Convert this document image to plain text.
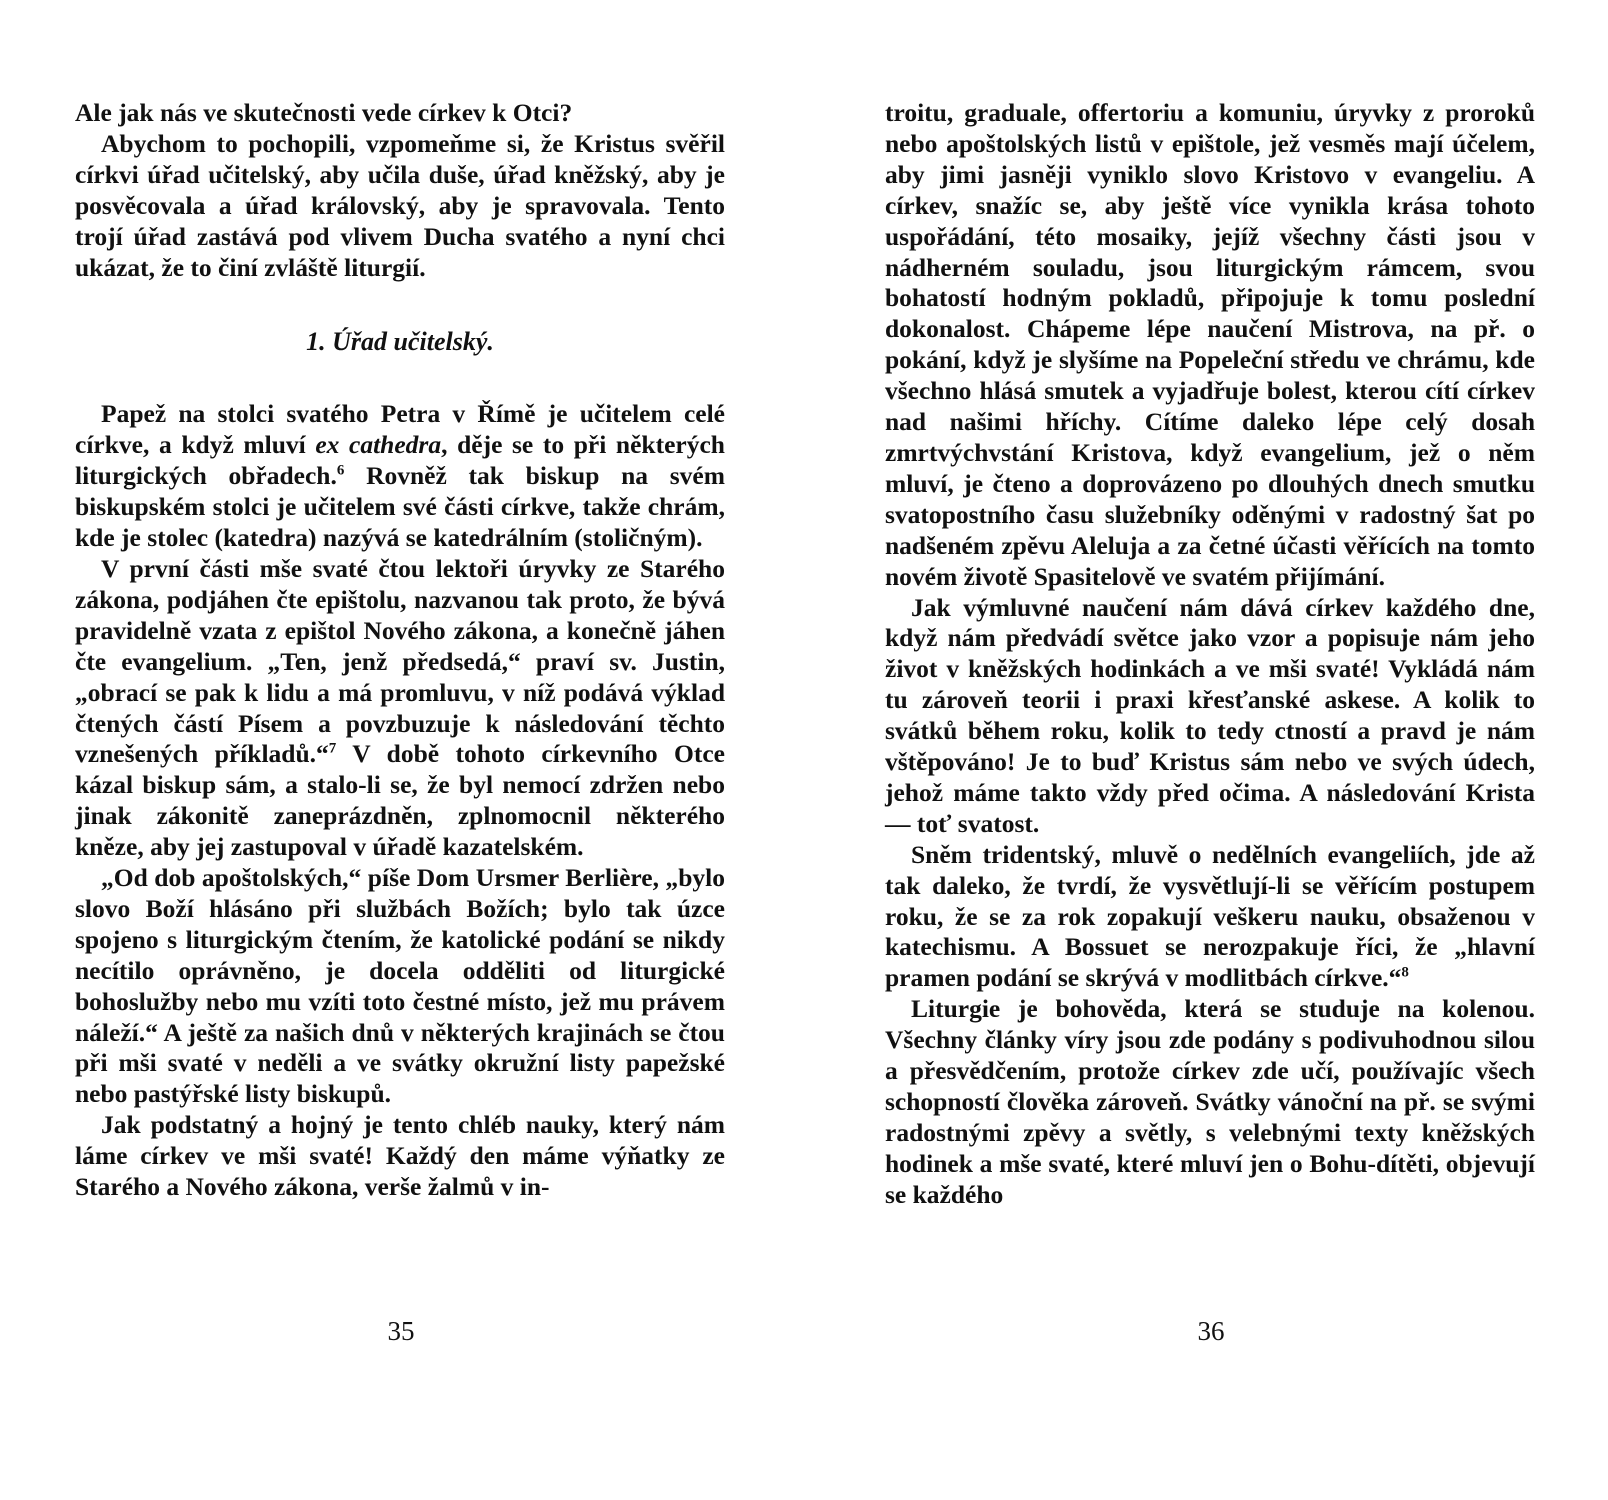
Ale jak nás ve skutečnosti vede církev k Otci?

Abychom to pochopili, vzpomeňme si, že Kristus svěřil církvi úřad učitelský, aby učila duše, úřad kněžský, aby je posvěcovala a úřad královský, aby je spravovala. Tento trojí úřad zastává pod vlivem Ducha svatého a nyní chci ukázat, že to činí zvláště liturgií.

1. Úřad učitelský.

Papež na stolci svatého Petra v Římě je učitelem celé církve, a když mluví ex cathedra, děje se to při některých liturgických obřadech.$^6$ Rovněž tak biskup na svém biskupském stolci je učitelem své části církve, takže chrám, kde je stolec (katedra) nazývá se katedrálním (stoličným).

V první části mše svaté čtou lektoři úryvky ze Starého zákona, podjáhen čte epištolu, nazvanou tak proto, že bývá pravidelně vzata z epištol Nového zákona, a konečně jáhen čte evangelium. „Ten, jenž předsedá,“ praví sv. Justin, „obrací se pak k lidu a má promluvu, v níž podává výklad čtených částí Písem a povzbuzuje k následování těchto vznešených příkladů.“$^7$ V době tohoto církevního Otce kázal biskup sám, a stalo-li se, že byl nemocí zdržen nebo jinak zákonitě zaneprázdněn, zplnomocnil některého kněze, aby jej zastupoval v úřadě kazatelském.

„Od dob apoštolských,“ píše Dom Ursmer Berlière, „bylo slovo Boží hlásáno při službách Božích; bylo tak úzce spojeno s liturgickým čtením, že katolické podání se nikdy necítilo oprávněno, je docela odděliti od liturgické bohoslužby nebo mu vzíti toto čestné místo, jež mu právem náleží.“ A ještě za našich dnů v některých krajinách se čtou při mši svaté v neděli a ve svátky okružní listy papežské nebo pastýřské listy biskupů.

Jak podstatný a hojný je tento chléb nauky, který nám láme církev ve mši svaté! Každý den máme výňatky ze Starého a Nového zákona, verše žalmů v in-

35

troitu, graduale, offertoriu a komuniu, úryvky z proroků nebo apoštolských listů v epištole, jež vesměs mají účelem, aby jimi jasněji vyniklo slovo Kristovo v evangeliu. A církev, snažíc se, aby ještě více vynikla krása tohoto uspořádání, této mosaiky, jejíž všechny části jsou v nádherném souladu, jsou liturgickým rámcem, svou bohatostí hodným pokladů, připojuje k tomu poslední dokonalost. Chápeme lépe naučení Mistrova, na př. o pokání, když je slyšíme na Popeleční středu ve chrámu, kde všechno hlásá smutek a vyjadřuje bolest, kterou cítí církev nad našimi hříchy. Cítíme daleko lépe celý dosah zmrtvýchvstání Kristova, když evangelium, jež o něm mluví, je čteno a doprovázeno po dlouhých dnech smutku svatopostního času služebníky oděnými v radostný šat po nadšeném zpěvu Aleluja a za četné účasti věřících na tomto novém životě Spasitelově ve svatém přijímání.

Jak výmluvné naučení nám dává církev každého dne, když nám předvádí světce jako vzor a popisuje nám jeho život v kněžských hodinkách a ve mši svaté! Vykládá nám tu zároveň teorii i praxi křesťanské askese. A kolik to svátků během roku, kolik to tedy ctností a pravd je nám vštěpováno! Je to buď Kristus sám nebo ve svých údech, jehož máme takto vždy před očima. A následování Krista — toť svatost.

Sněm tridentský, mluvě o nedělních evangeliích, jde až tak daleko, že tvrdí, že vysvětlují-li se věřícím postupem roku, že se za rok zopakují veškeru nauku, obsaženou v katechismu. A Bossuet se nerozpakuje říci, že „hlavní pramen podání se skrývá v modlitbách církve.“$^8$

Liturgie je bohověda, která se studuje na kolenou. Všechny články víry jsou zde podány s podivuhodnou silou a přesvědčením, protože církev zde učí, používajíc všech schopností člověka zároveň. Svátky vánoční na př. se svými radostnými zpěvy a světly, s velebnými texty kněžských hodinek a mše svaté, které mluví jen o Bohu-dítěti, objevují se každého

36
